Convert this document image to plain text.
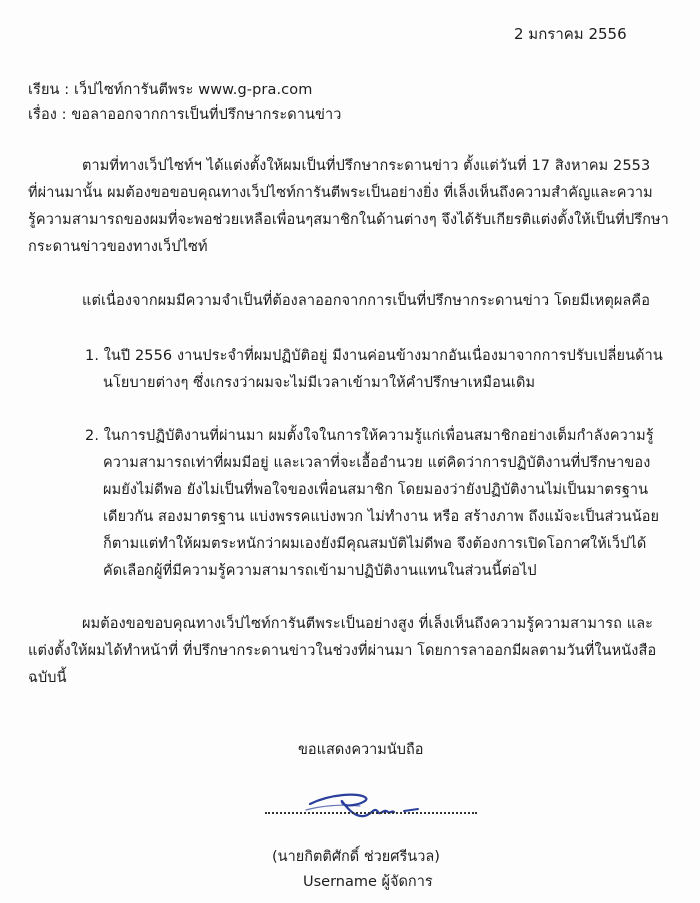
2 มกราคม 2556
เรียน : เว็ปไซท์การันตีพระ www.g-pra.com
เรื่อง : ขอลาออกจากการเป็นที่ปรึกษากระดานข่าว
ตามที่ทางเว็ปไซท์ฯ ได้แต่งตั้งให้ผมเป็นที่ปรึกษากระดานข่าว ตั้งแต่วันที่ 17 สิงหาคม 2553
ที่ผ่านมานั้น ผมต้องขอขอบคุณทางเว็ปไซท์การันตีพระเป็นอย่างยิ่ง ที่เล็งเห็นถึงความสำคัญและความ
รู้ความสามารถของผมที่จะพอช่วยเหลือเพื่อนๆสมาชิกในด้านต่างๆ จึงได้รับเกียรติแต่งตั้งให้เป็นที่ปรึกษา
กระดานข่าวของทางเว็ปไซท์
แต่เนื่องจากผมมีความจำเป็นที่ต้องลาออกจากการเป็นที่ปรึกษากระดานข่าว โดยมีเหตุผลคือ
1. ในปี 2556 งานประจำที่ผมปฏิบัติอยู่ มีงานค่อนข้างมากอันเนื่องมาจากการปรับเปลี่ยนด้าน
นโยบายต่างๆ ซึ่งเกรงว่าผมจะไม่มีเวลาเข้ามาให้คำปรึกษาเหมือนเดิม
2. ในการปฏิบัติงานที่ผ่านมา ผมตั้งใจในการให้ความรู้แก่เพื่อนสมาชิกอย่างเต็มกำลังความรู้
ความสามารถเท่าที่ผมมีอยู่ และเวลาที่จะเอื้ออำนวย แต่คิดว่าการปฏิบัติงานที่ปรึกษาของ
ผมยังไม่ดีพอ ยังไม่เป็นที่พอใจของเพื่อนสมาชิก โดยมองว่ายังปฏิบัติงานไม่เป็นมาตรฐาน
เดียวกัน สองมาตรฐาน แบ่งพรรคแบ่งพวก ไม่ทำงาน หรือ สร้างภาพ ถึงแม้จะเป็นส่วนน้อย
ก็ตามแต่ทำให้ผมตระหนักว่าผมเองยังมีคุณสมบัติไม่ดีพอ จึงต้องการเปิดโอกาศให้เว็ปได้
คัดเลือกผู้ที่มีความรู้ความสามารถเข้ามาปฏิบัติงานแทนในส่วนนี้ต่อไป
ผมต้องขอขอบคุณทางเว็ปไซท์การันตีพระเป็นอย่างสูง ที่เล็งเห็นถึงความรู้ความสามารถ และ
แต่งตั้งให้ผมได้ทำหน้าที่ ที่ปรึกษากระดานข่าวในช่วงที่ผ่านมา โดยการลาออกมีผลตามวันที่ในหนังสือ
ฉบับนี้
ขอแสดงความนับถือ
(นายกิตติศักดิ์ ช่วยศรีนวล)
Username ผู้จัดการ
